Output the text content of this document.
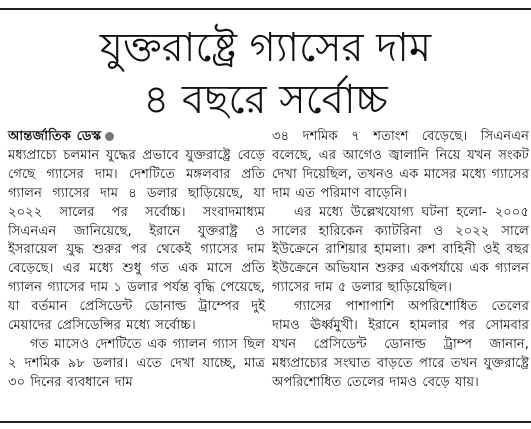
যুক্তরাষ্ট্রে গ্যাসের দাম
৪ বছরে সর্বোচ্চ

আন্তর্জাতিক ডেস্ক

মধ্যপ্রাচ্যে চলমান যুদ্ধের প্রভাবে যুক্তরাষ্ট্রে বেড়ে গেছে গ্যাসের দাম। দেশটিতে মঙ্গলবার প্রতি গ্যালন গ্যাসের দাম ৪ ডলার ছাড়িয়েছে, যা ২০২২ সালের পর সর্বোচ্চ। সংবাদমাধ্যম সিএনএন জানিয়েছে, ইরানে যুক্তরাষ্ট্র ও ইসরায়েল যুদ্ধ শুরুর পর থেকেই গ্যাসের দাম বেড়েছে। এর মধ্যে শুধু গত এক মাসে প্রতি গ্যালন গ্যাসের দাম ১ ডলার পর্যন্ত বৃদ্ধি পেয়েছে, যা বর্তমান প্রেসিডেন্ট ডোনাল্ড ট্রাম্পের দুই মেয়াদের প্রেসিডেন্সির মধ্যে সর্বোচ্চ।

গত মাসেও দেশটিতে এক গ্যালন গ্যাস ছিল ২ দশমিক ৯৮ ডলার। এতে দেখা যাচ্ছে, মাত্র ৩০ দিনের ব্যবধানে দাম

৩৪ দশমিক ৭ শতাংশ বেড়েছে। সিএনএন বলেছে, এর আগেও জ্বালানি নিয়ে যখন সংকট দেখা দিয়েছিল, তখনও এক মাসের মধ্যে গ্যাসের দাম এত পরিমাণ বাড়েনি।

এর মধ্যে উল্লেখযোগ্য ঘটনা হলো- ২০০৫ সালের হারিকেন ক্যাটরিনা ও ২০২২ সালে ইউক্রেনে রাশিয়ার হামলা। রুশ বাহিনী ওই বছর ইউক্রেনে অভিযান শুরুর একপর্যায়ে এক গ্যালন গ্যাসের দাম ৫ ডলার ছাড়িয়েছিল।

গ্যাসের পাশাপাশি অপরিশোধিত তেলের দামও ঊর্ধ্বমুখী। ইরানে হামলার পর সোমবার যখন প্রেসিডেন্ট ডোনাল্ড ট্রাম্প জানান, মধ্যপ্রাচ্যের সংঘাত বাড়তে পারে তখন যুক্তরাষ্ট্রে অপরিশোধিত তেলের দামও বেড়ে যায়।
